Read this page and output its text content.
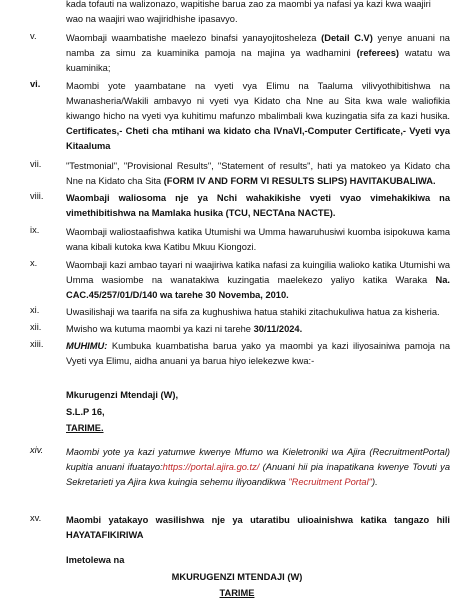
kada tofauti na walizonazo, wapitishe barua zao za maombi ya nafasi ya kazi kwa waajiri
wao na waajiri wao wajiridhishe ipasavyo.
v.	Waombaji waambatishe maelezo binafsi yanayojitosheleza (Detail C.V) yenye anuani na namba za simu za kuaminika pamoja na majina ya wadhamini (referees) watatu wa kuaminika;
vi.	Maombi yote yaambatane na vyeti vya Elimu na Taaluma vilivyothibitishwa na Mwanasheria/Wakili ambavyo ni vyeti vya Kidato cha Nne au Sita kwa wale waliofikia kiwango hicho na vyeti vya kuhitimu mafunzo mbalimbali kwa kuzingatia sifa za kazi husika. Certificates,- Cheti cha mtihani wa kidato cha IVnaVI,-Computer Certificate,- Vyeti vya Kitaaluma
vii.	"Testmonial", "Provisional Results", "Statement of results", hati ya matokeo ya Kidato cha Nne na Kidato cha Sita (FORM IV AND FORM VI RESULTS SLIPS) HAVITAKUBALIWA.
viii.	Waombaji waliosoma nje ya Nchi wahakikishe vyeti vyao vimehakikiwa na vimethibitishwa na Mamlaka husika (TCU, NECTAna NACTE).
ix.	Waombaji waliostaafishwa katika Utumishi wa Umma hawaruhusiwi kuomba isipokuwa kama wana kibali kutoka kwa Katibu Mkuu Kiongozi.
x.	Waombaji kazi ambao tayari ni waajiriwa katika nafasi za kuingilia walioko katika Utumishi wa Umma wasiombe na wanatakiwa kuzingatia maelekezo yaliyo katika Waraka Na. CAC.45/257/01/D/140 wa tarehe 30 Novemba, 2010.
xi.	Uwasilishaji wa taarifa na sifa za kughushiwa hatua stahiki zitachukuliwa hatua za kisheria.
xii.	Mwisho wa kutuma maombi ya kazi ni tarehe 30/11/2024.
xiii.	MUHIMU: Kumbuka kuambatisha barua yako ya maombi ya kazi iliyosainiwa pamoja na Vyeti vya Elimu, aidha anuani ya barua hiyo ielekezwe kwa:-
Mkurugenzi Mtendaji (W),
S.L.P 16,
TARIME.
xiv.	Maombi yote ya kazi yatumwe kwenye Mfumo wa Kieletroniki wa Ajira (RecruitmentPortal) kupitia anuani ifuatayo:https://portal.ajira.go.tz/ (Anuani hii pia inapatikana kwenye Tovuti ya Sekretarieti ya Ajira kwa kuingia sehemu iliyoandikwa "Recruitment Portal").
xv.	Maombi yatakayo wasilishwa nje ya utaratibu ulioainishwa katika tangazo hili HAYATAFIKIRIWA
Imetolewa na
MKURUGENZI MTENDAJI (W)
TARIME
